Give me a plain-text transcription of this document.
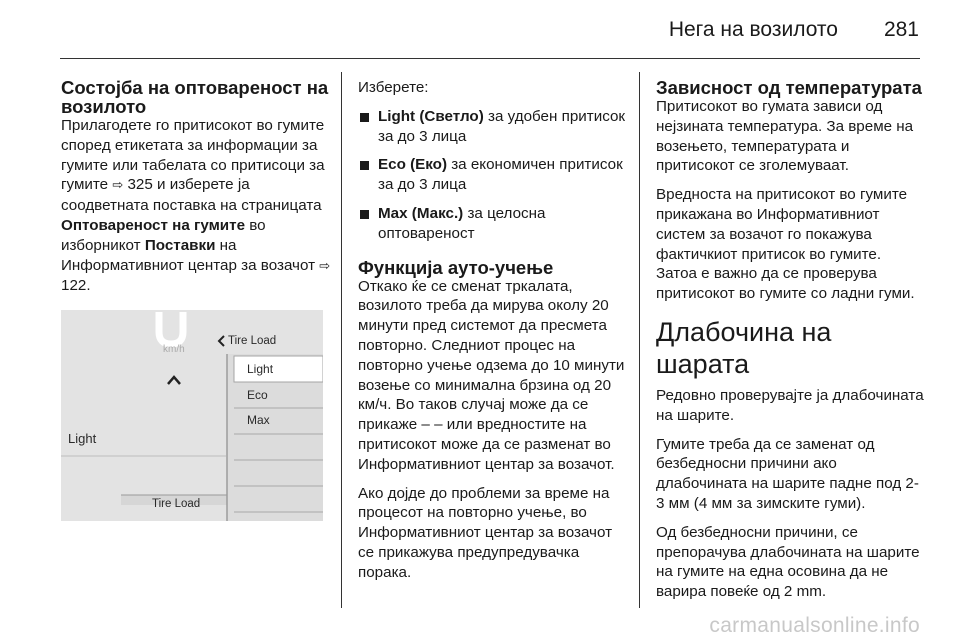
Нега на возилото 281
Состојба на оптовареност на возилото

Прилагодете го притисокот во гумите според етикетата за информации за гумите или табелата со притисоци за гумите ⇨ 325 и изберете ја соодветната поставка на страницата Оптовареност на гумите во изборникот Поставки на Информативниот центар за возачот ⇨ 122.

km/h
Tire Load
Light
Light
Eco
Max
Tire Load

Изберете:

Light (Светло) за удобен притисок за до 3 лица
Eco (Еко) за економичен притисок за до 3 лица
Max (Макс.) за целосна оптовареност
Функција ауто-учење

Откако ќе се сменат тркалата, возилото треба да мирува околу 20 минути пред системот да пресмета повторно. Следниот процес на повторно учење одзема до 10 минути возење со минимална брзина од 20 км/ч. Во таков случај може да се прикаже – – или вредностите на притисокот може да се разменат во Информативниот центар за возачот.

Ако дојде до проблеми за време на процесот на повторно учење, во Информативниот центар за возачот се прикажува предупредувачка порака.

Зависност од температурата

Притисокот во гумата зависи од нејзината температура. За време на возењето, температурата и притисокот се зголемуваат.

Вредноста на притисокот во гумите прикажана во Информативниот систем за возачот го покажува фактичкиот притисок во гумите. Затоа е важно да се проверува притисокот во гумите со ладни гуми.

Длабочина на шарата

Редовно проверувајте ја длабочината на шарите.

Гумите треба да се заменат од безбедносни причини ако длабочината на шарите падне под 2-3 мм (4 мм за зимските гуми).

Од безбедносни причини, се препорачува длабочината на шарите на гумите на една осовина да не варира повеќе од 2 mm.

carmanualsonline.info
